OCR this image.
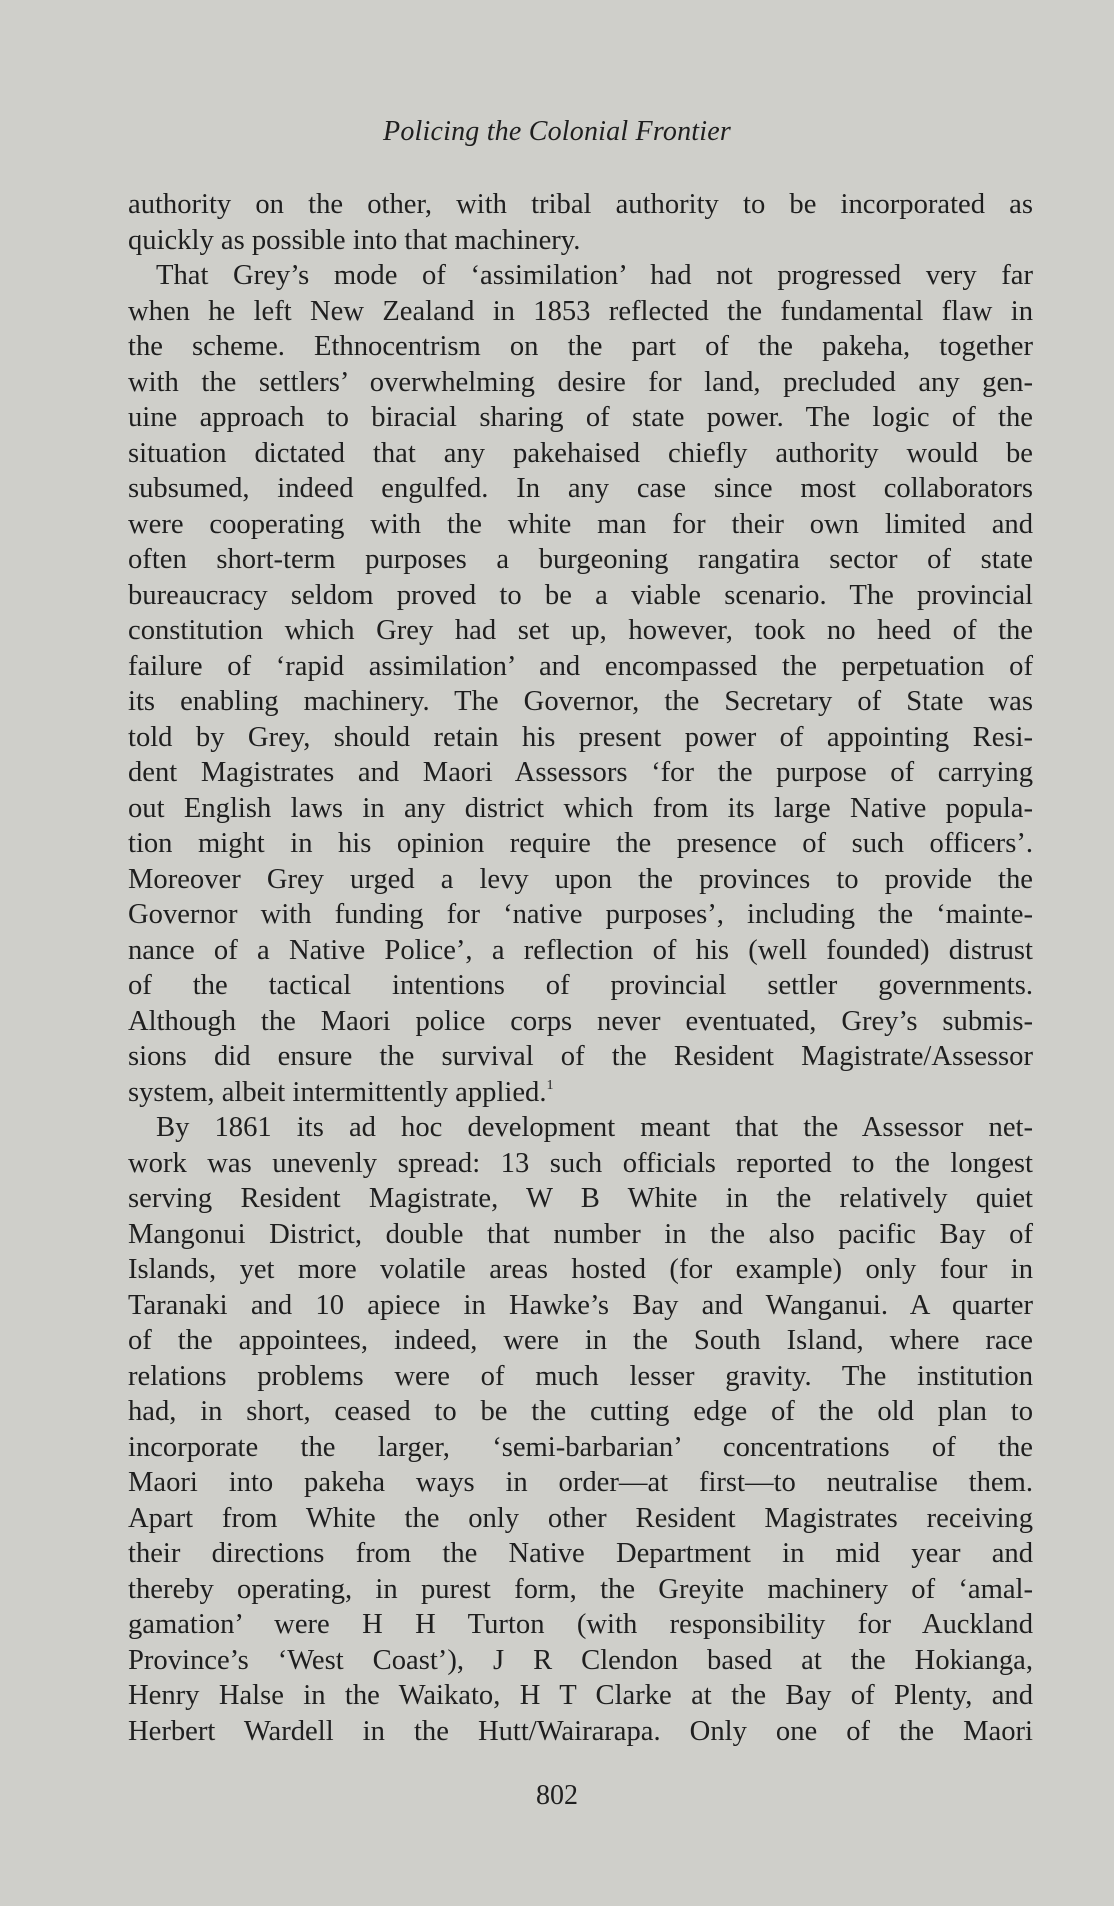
Policing the Colonial Frontier
authority on the other, with tribal authority to be incorporated as
quickly as possible into that machinery.
That Grey’s mode of ‘assimilation’ had not progressed very far
when he left New Zealand in 1853 reflected the fundamental flaw in
the scheme. Ethnocentrism on the part of the pakeha, together
with the settlers’ overwhelming desire for land, precluded any gen-
uine approach to biracial sharing of state power. The logic of the
situation dictated that any pakehaised chiefly authority would be
subsumed, indeed engulfed. In any case since most collaborators
were cooperating with the white man for their own limited and
often short-term purposes a burgeoning rangatira sector of state
bureaucracy seldom proved to be a viable scenario. The provincial
constitution which Grey had set up, however, took no heed of the
failure of ‘rapid assimilation’ and encompassed the perpetuation of
its enabling machinery. The Governor, the Secretary of State was
told by Grey, should retain his present power of appointing Resi-
dent Magistrates and Maori Assessors ‘for the purpose of carrying
out English laws in any district which from its large Native popula-
tion might in his opinion require the presence of such officers’.
Moreover Grey urged a levy upon the provinces to provide the
Governor with funding for ‘native purposes’, including the ‘mainte-
nance of a Native Police’, a reflection of his (well founded) distrust
of the tactical intentions of provincial settler governments.
Although the Maori police corps never eventuated, Grey’s submis-
sions did ensure the survival of the Resident Magistrate/Assessor
system, albeit intermittently applied.$^1$
By 1861 its ad hoc development meant that the Assessor net-
work was unevenly spread: 13 such officials reported to the longest
serving Resident Magistrate, W B White in the relatively quiet
Mangonui District, double that number in the also pacific Bay of
Islands, yet more volatile areas hosted (for example) only four in
Taranaki and 10 apiece in Hawke’s Bay and Wanganui. A quarter
of the appointees, indeed, were in the South Island, where race
relations problems were of much lesser gravity. The institution
had, in short, ceased to be the cutting edge of the old plan to
incorporate the larger, ‘semi-barbarian’ concentrations of the
Maori into pakeha ways in order—at first—to neutralise them.
Apart from White the only other Resident Magistrates receiving
their directions from the Native Department in mid year and
thereby operating, in purest form, the Greyite machinery of ‘amal-
gamation’ were H H Turton (with responsibility for Auckland
Province’s ‘West Coast’), J R Clendon based at the Hokianga,
Henry Halse in the Waikato, H T Clarke at the Bay of Plenty, and
Herbert Wardell in the Hutt/Wairarapa. Only one of the Maori
802
